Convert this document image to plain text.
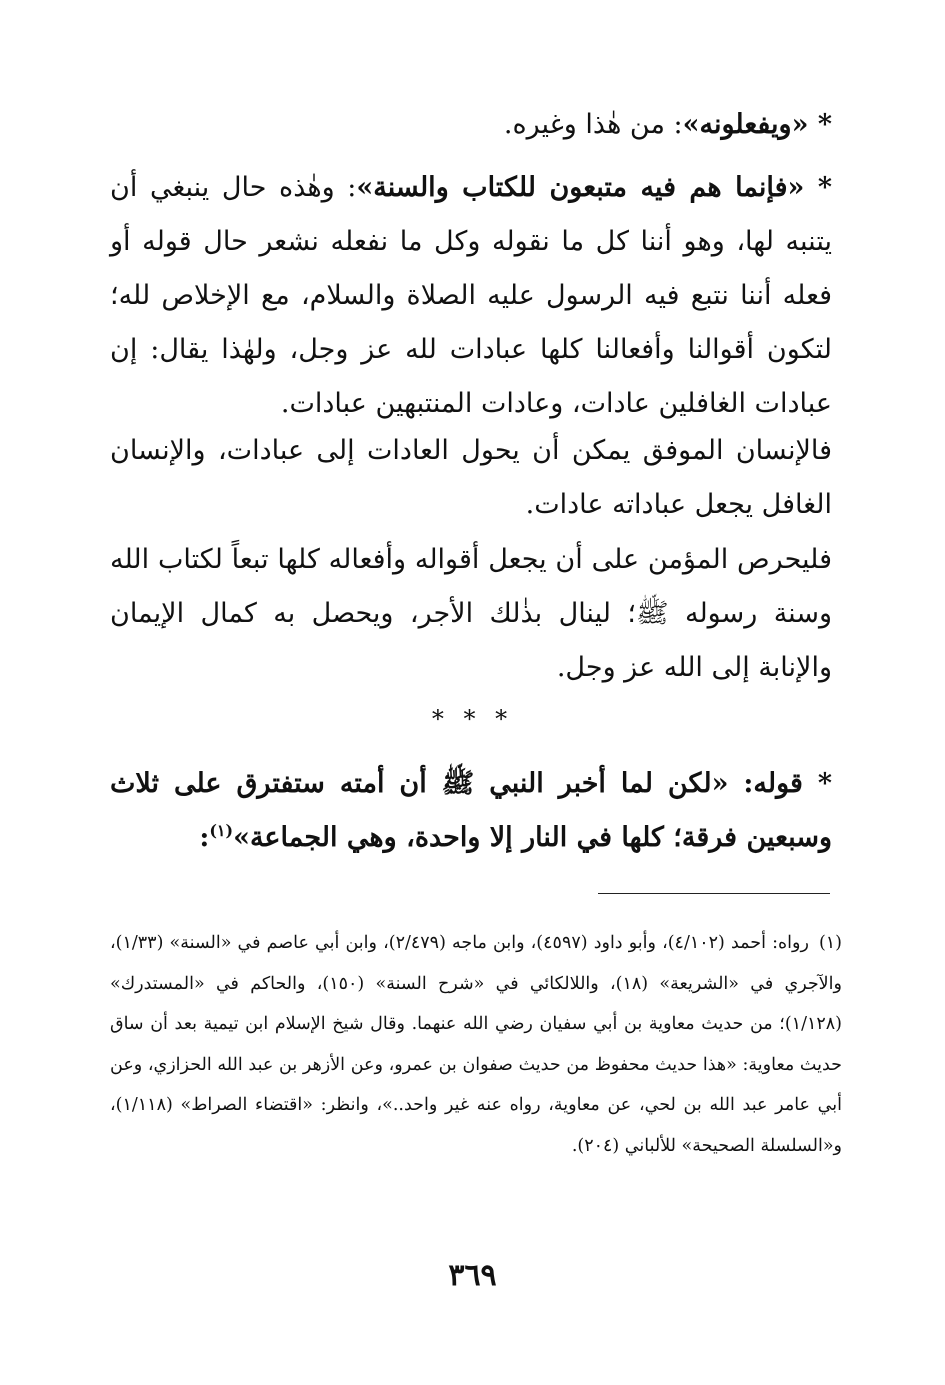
* «ويفعلونه»: من هٰذا وغيره.

* «فإنما هم فيه متبعون للكتاب والسنة»: وهٰذه حال ينبغي أن يتنبه لها، وهو أننا كل ما نقوله وكل ما نفعله نشعر حال قوله أو فعله أننا نتبع فيه الرسول عليه الصلاة والسلام، مع الإخلاص لله؛ لتكون أقوالنا وأفعالنا كلها عبادات لله عز وجل، ولهٰذا يقال: إن عبادات الغافلين عادات، وعادات المنتبهين عبادات.

فالإنسان الموفق يمكن أن يحول العادات إلى عبادات، والإنسان الغافل يجعل عباداته عادات.

فليحرص المؤمن على أن يجعل أقواله وأفعاله كلها تبعاً لكتاب الله وسنة رسوله ﷺ؛ لينال بذٰلك الأجر، ويحصل به كمال الإيمان والإنابة إلى الله عز وجل.

* * *

* قوله: «لكن لما أخبر النبي ﷺ أن أمته ستفترق على ثلاث وسبعين فرقة؛ كلها في النار إلا واحدة، وهي الجماعة»$^{(١)}$:

(١)رواه: أحمد (٤/١٠٢)، وأبو داود (٤٥٩٧)، وابن ماجه (٢/٤٧٩)، وابن أبي عاصم في «السنة» (١/٣٣)، والآجري في «الشريعة» (١٨)، واللالكائي في «شرح السنة» (١٥٠)، والحاكم في «المستدرك» (١/١٢٨)؛ من حديث معاوية بن أبي سفيان رضي الله عنهما. وقال شيخ الإسلام ابن تيمية بعد أن ساق حديث معاوية: «هذا حديث محفوظ من حديث صفوان بن عمرو، وعن الأزهر بن عبد الله الحزازي، وعن أبي عامر عبد الله بن لحي، عن معاوية، رواه عنه غير واحد..»، وانظر: «اقتضاء الصراط» (١/١١٨)، و«السلسلة الصحيحة» للألباني (٢٠٤).

٣٦٩
